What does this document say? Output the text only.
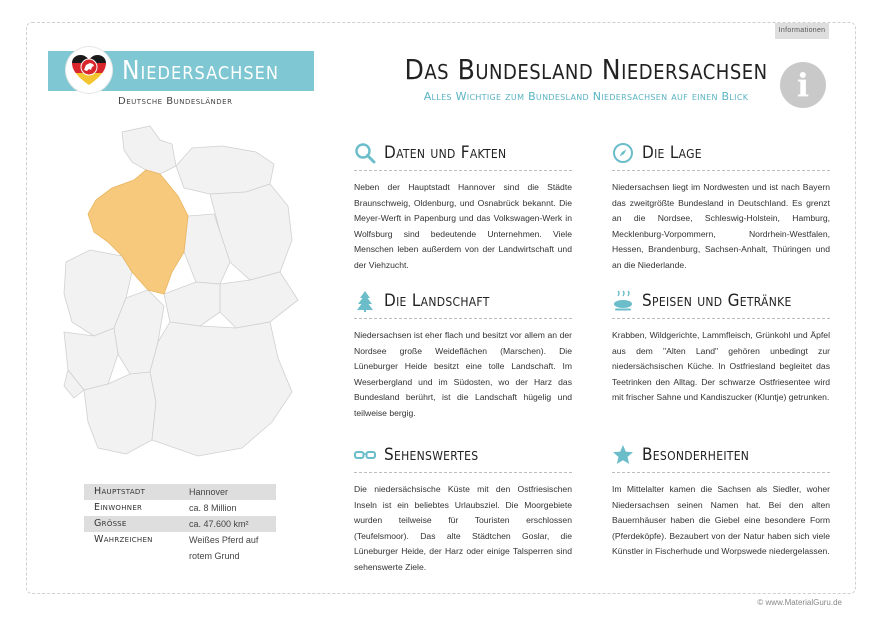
Informationen
Niedersachsen
Deutsche Bundesländer
Das Bundesland Niedersachsen
Alles Wichtige zum Bundesland Niedersachsen auf einen Blick	i
Hauptstadt	Hannover
Einwohner	ca. 8 Million
Größe	ca. 47.600 km²
Wahrzeichen	Weißes Pferd auf rotem Grund
Daten und Fakten
Neben der Hauptstadt Hannover sind die Städte Braunschweig, Oldenburg, und Osnabrück bekannt. Die Meyer-Werft in Papenburg und das Volkswagen-Werk in Wolfsburg sind bedeutende Unternehmen. Viele Menschen leben außerdem von der Landwirtschaft und der Viehzucht.
Die Lage
Niedersachsen liegt im Nordwesten und ist nach Bayern das zweitgrößte Bundesland in Deutschland. Es grenzt an die Nordsee, Schleswig-Holstein, Hamburg, Mecklenburg-Vorpommern, Nordrhein-Westfalen, Hessen, Brandenburg, Sachsen-Anhalt, Thüringen und an die Niederlande.
Die Landschaft
Niedersachsen ist eher flach und besitzt vor allem an der Nordsee große Weideflächen (Marschen). Die Lüneburger Heide besitzt eine tolle Landschaft. Im Weserbergland und im Südosten, wo der Harz das Bundesland berührt, ist die Landschaft hügelig und teilweise bergig.
Speisen und Getränke
Krabben, Wildgerichte, Lammfleisch, Grünkohl und Äpfel aus dem "Alten Land" gehören unbedingt zur niedersächsischen Küche. In Ostfriesland begleitet das Teetrinken den Alltag. Der schwarze Ostfriesentee wird mit frischer Sahne und Kandiszucker (Kluntje) getrunken.
Sehenswertes
Die niedersächsische Küste mit den Ostfriesischen Inseln ist ein beliebtes Urlaubsziel. Die Moorgebiete wurden teilweise für Touristen erschlossen (Teufelsmoor). Das alte Städtchen Goslar, die Lüneburger Heide, der Harz oder einige Talsperren sind sehenswerte Ziele.
Besonderheiten
Im Mittelalter kamen die Sachsen als Siedler, woher Niedersachsen seinen Namen hat. Bei den alten Bauernhäuser haben die Giebel eine besondere Form (Pferdeköpfe). Bezaubert von der Natur haben sich viele Künstler in Fischerhude und Worpswede niedergelassen.
© www.MaterialGuru.de
